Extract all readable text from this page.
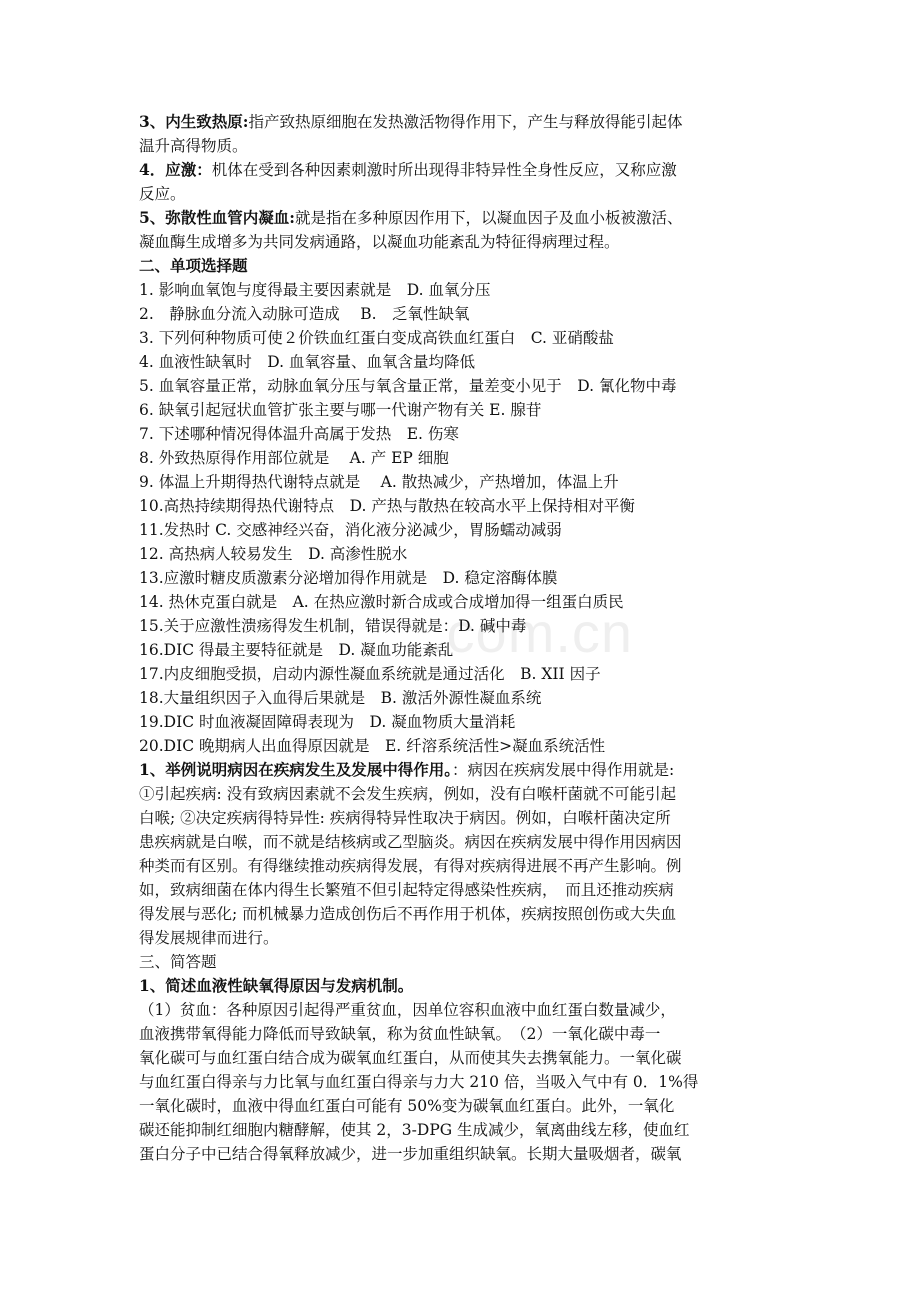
3、内生致热原:指产致热原细胞在发热激活物得作用下，产生与释放得能引起体
温升高得物质。
4．应激：机体在受到各种因素刺激时所出现得非特异性全身性反应，又称应激
反应。
5、弥散性血管内凝血:就是指在多种原因作用下，以凝血因子及血小板被激活、
凝血酶生成增多为共同发病通路，以凝血功能紊乱为特征得病理过程。
二、单项选择题
1. 影响血氧饱与度得最主要因素就是　D. 血氧分压
2.　静脉血分流入动脉可造成　 B.　乏氧性缺氧
3. 下列何种物质可使２价铁血红蛋白变成高铁血红蛋白　C. 亚硝酸盐
4. 血液性缺氧时　D. 血氧容量、血氧含量均降低
5. 血氧容量正常，动脉血氧分压与氧含量正常，量差变小见于　D. 氰化物中毒
6. 缺氧引起冠状血管扩张主要与哪一代谢产物有关 E. 腺苷
7. 下述哪种情况得体温升高属于发热　E. 伤寒
8. 外致热原得作用部位就是　 A. 产 EP 细胞
9. 体温上升期得热代谢特点就是　 A. 散热减少，产热增加，体温上升
10.高热持续期得热代谢特点　D. 产热与散热在较高水平上保持相对平衡
11.发热时 C. 交感神经兴奋，消化液分泌减少，胃肠蠕动减弱
12. 高热病人较易发生　D. 高渗性脱水
13.应激时糖皮质激素分泌增加得作用就是　D. 稳定溶酶体膜
14. 热休克蛋白就是　A. 在热应激时新合成或合成增加得一组蛋白质民
15.关于应激性溃疡得发生机制，错误得就是：D. 碱中毒
16.DIC 得最主要特征就是　D. 凝血功能紊乱
17.内皮细胞受损，启动内源性凝血系统就是通过活化　B. XII 因子
18.大量组织因子入血得后果就是　B. 激活外源性凝血系统
19.DIC 时血液凝固障碍表现为　D. 凝血物质大量消耗
20.DIC 晚期病人出血得原因就是　E. 纤溶系统活性>凝血系统活性
1、举例说明病因在疾病发生及发展中得作用。：病因在疾病发展中得作用就是:
①引起疾病: 没有致病因素就不会发生疾病，例如，没有白喉杆菌就不可能引起
白喉; ②决定疾病得特异性: 疾病得特异性取决于病因。例如，白喉杆菌决定所
患疾病就是白喉，而不就是结核病或乙型脑炎。病因在疾病发展中得作用因病因
种类而有区别。有得继续推动疾病得发展，有得对疾病得进展不再产生影响。例
如，致病细菌在体内得生长繁殖不但引起特定得感染性疾病，　而且还推动疾病
得发展与恶化; 而机械暴力造成创伤后不再作用于机体，疾病按照创伤或大失血
得发展规律而进行。
三、简答题
1、简述血液性缺氧得原因与发病机制。
（1）贫血：各种原因引起得严重贫血，因单位容积血液中血红蛋白数量减少，
血液携带氧得能力降低而导致缺氧，称为贫血性缺氧。　（2）一氧化碳中毒一
氧化碳可与血红蛋白结合成为碳氧血红蛋白，从而使其失去携氧能力。一氧化碳
与血红蛋白得亲与力比氧与血红蛋白得亲与力大 210 倍，当吸入气中有 0．1%得
一氧化碳时，血液中得血红蛋白可能有 50%变为碳氧血红蛋白。此外，一氧化
碳还能抑制红细胞内糖酵解，使其 2，3-DPG 生成减少，氧离曲线左移，使血红
蛋白分子中已结合得氧释放减少，进一步加重组织缺氧。长期大量吸烟者，碳氧
.com.cn
